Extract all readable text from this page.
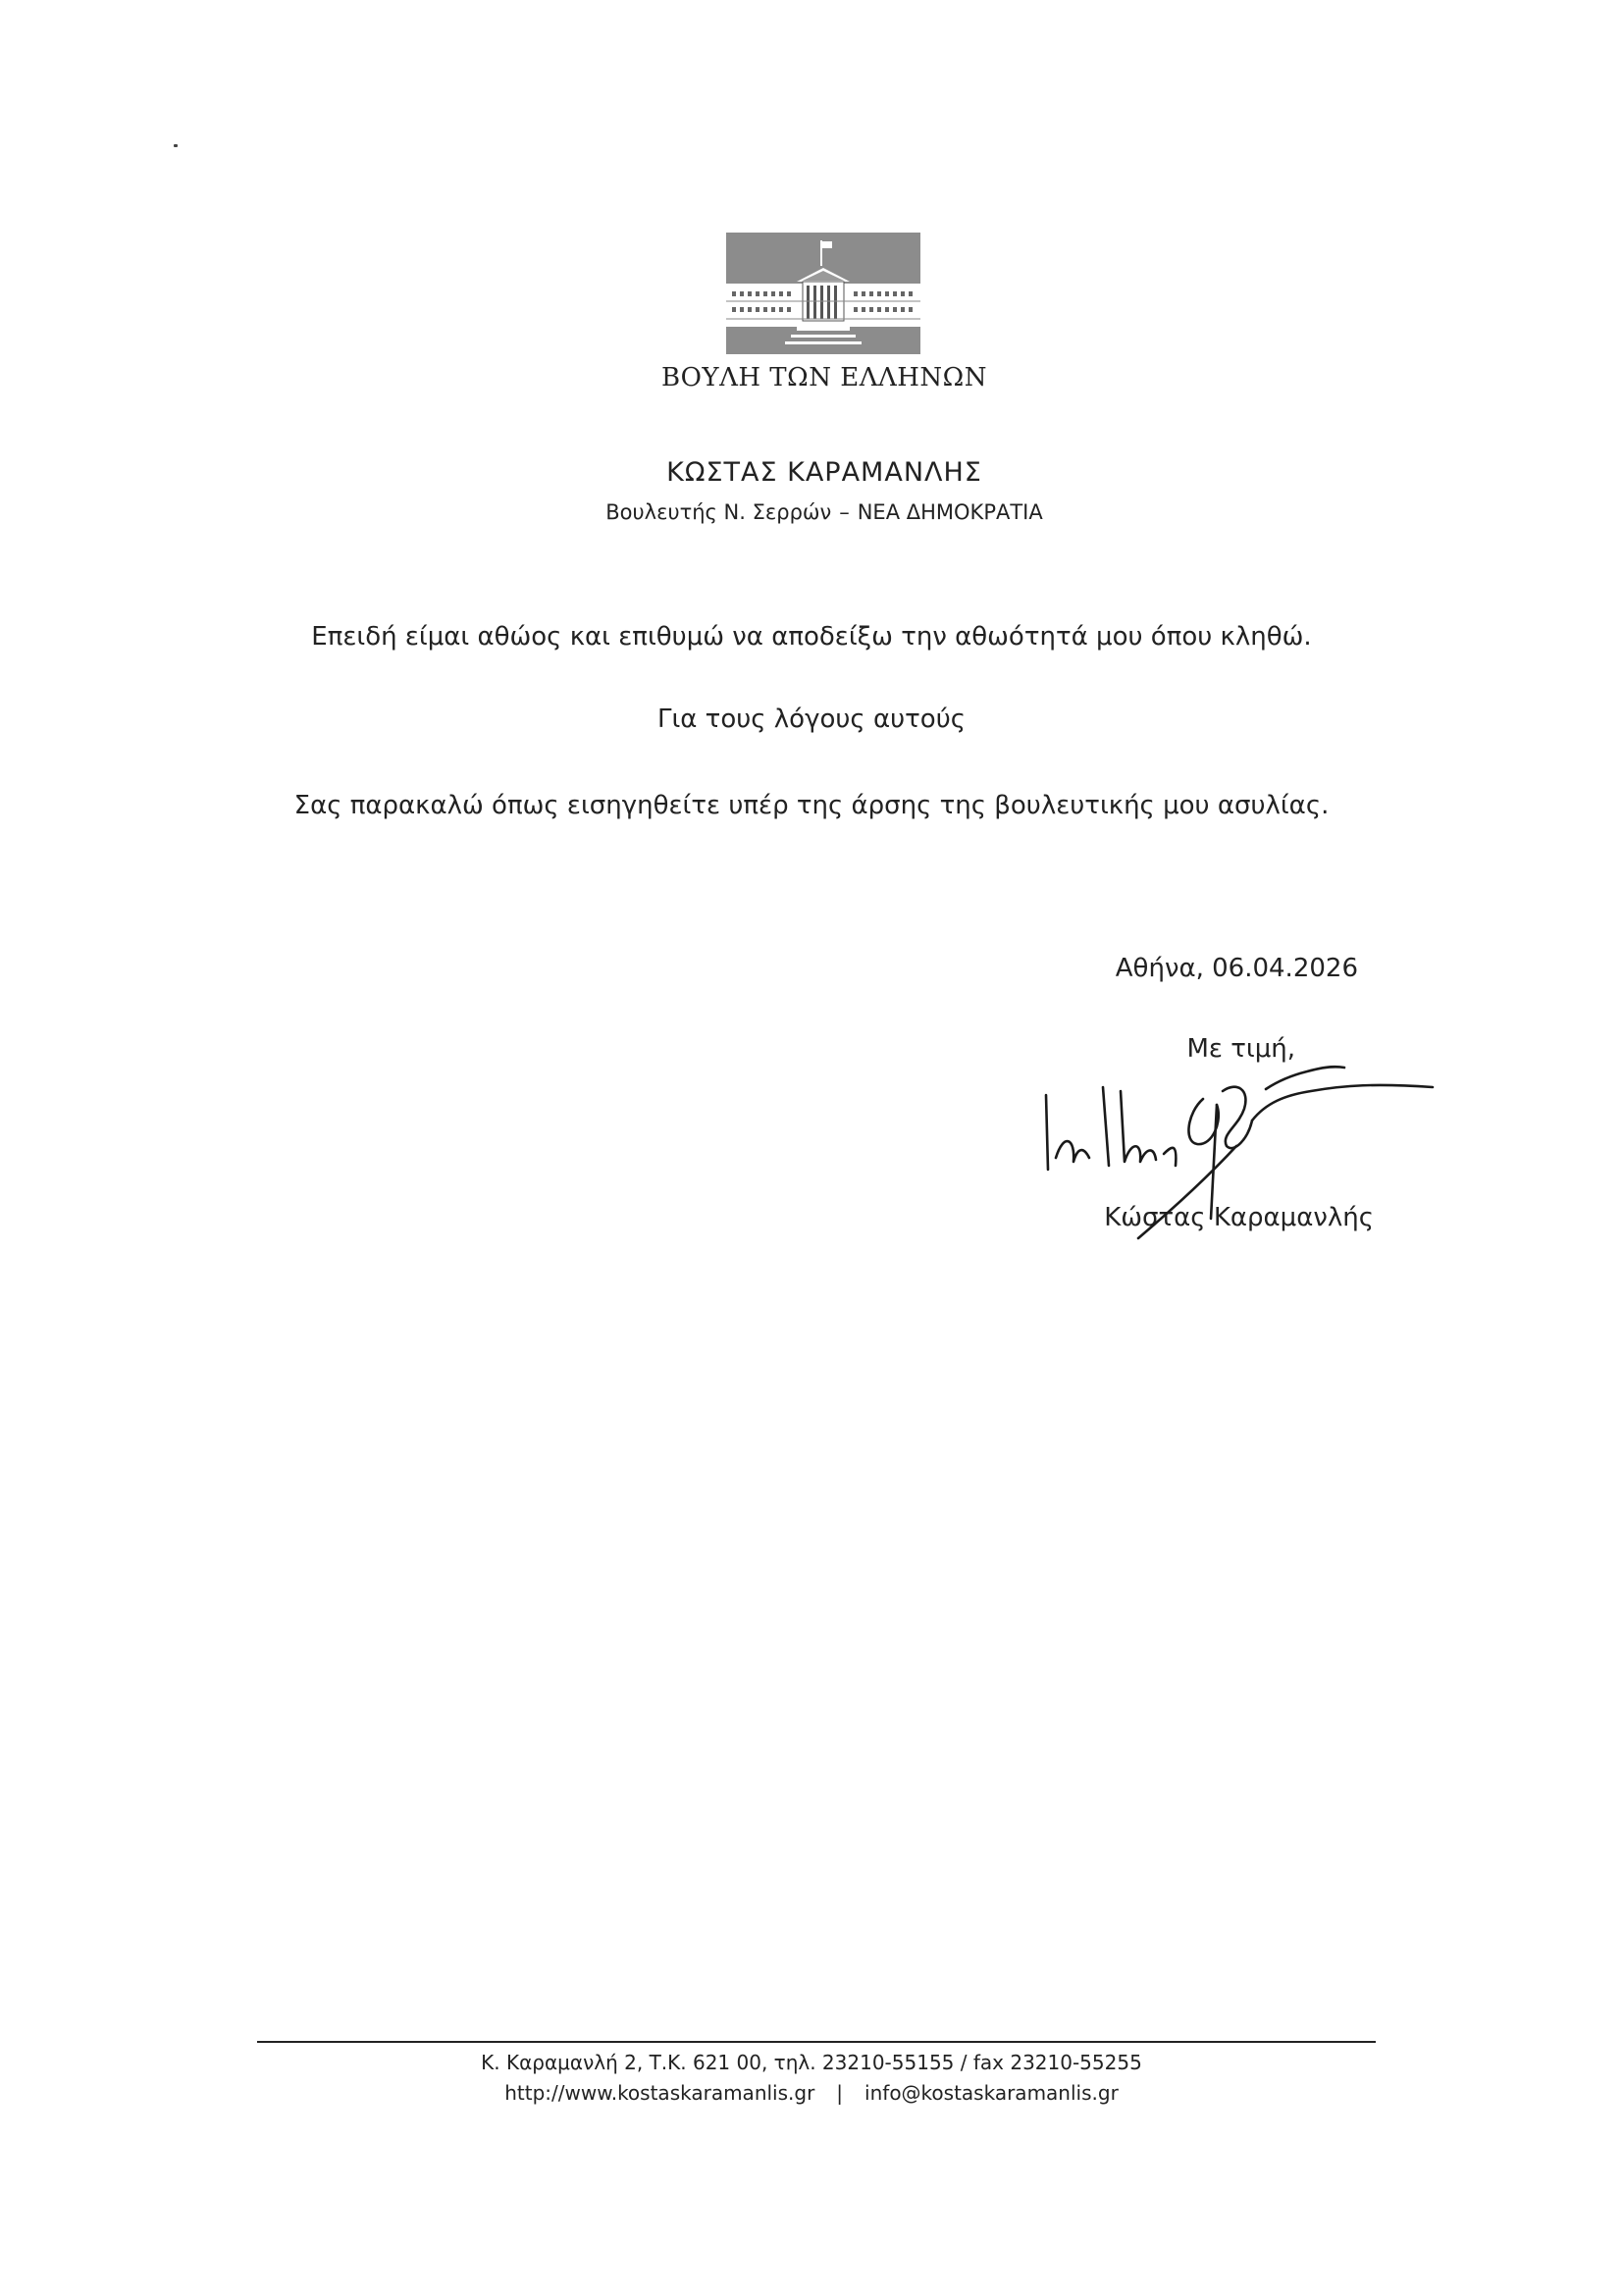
ΒΟΥΛΗ ΤΩΝ ΕΛΛΗΝΩΝ
ΚΩΣΤΑΣ ΚΑΡΑΜΑΝΛΗΣ
Βουλευτής Ν. Σερρών – ΝΕΑ ΔΗΜΟΚΡΑΤΙΑ
Επειδή είμαι αθώος και επιθυμώ να αποδείξω την αθωότητά μου όπου κληθώ.
Για τους λόγους αυτούς
Σας παρακαλώ όπως εισηγηθείτε υπέρ της άρσης της βουλευτικής μου ασυλίας.
Αθήνα, 06.04.2026
Με τιμή,
Κώστας Καραμανλής
Κ. Καραμανλή 2, Τ.Κ. 621 00, τηλ. 23210-55155 / fax 23210-55255
http://www.kostaskaramanlis.gr | info@kostaskaramanlis.gr
